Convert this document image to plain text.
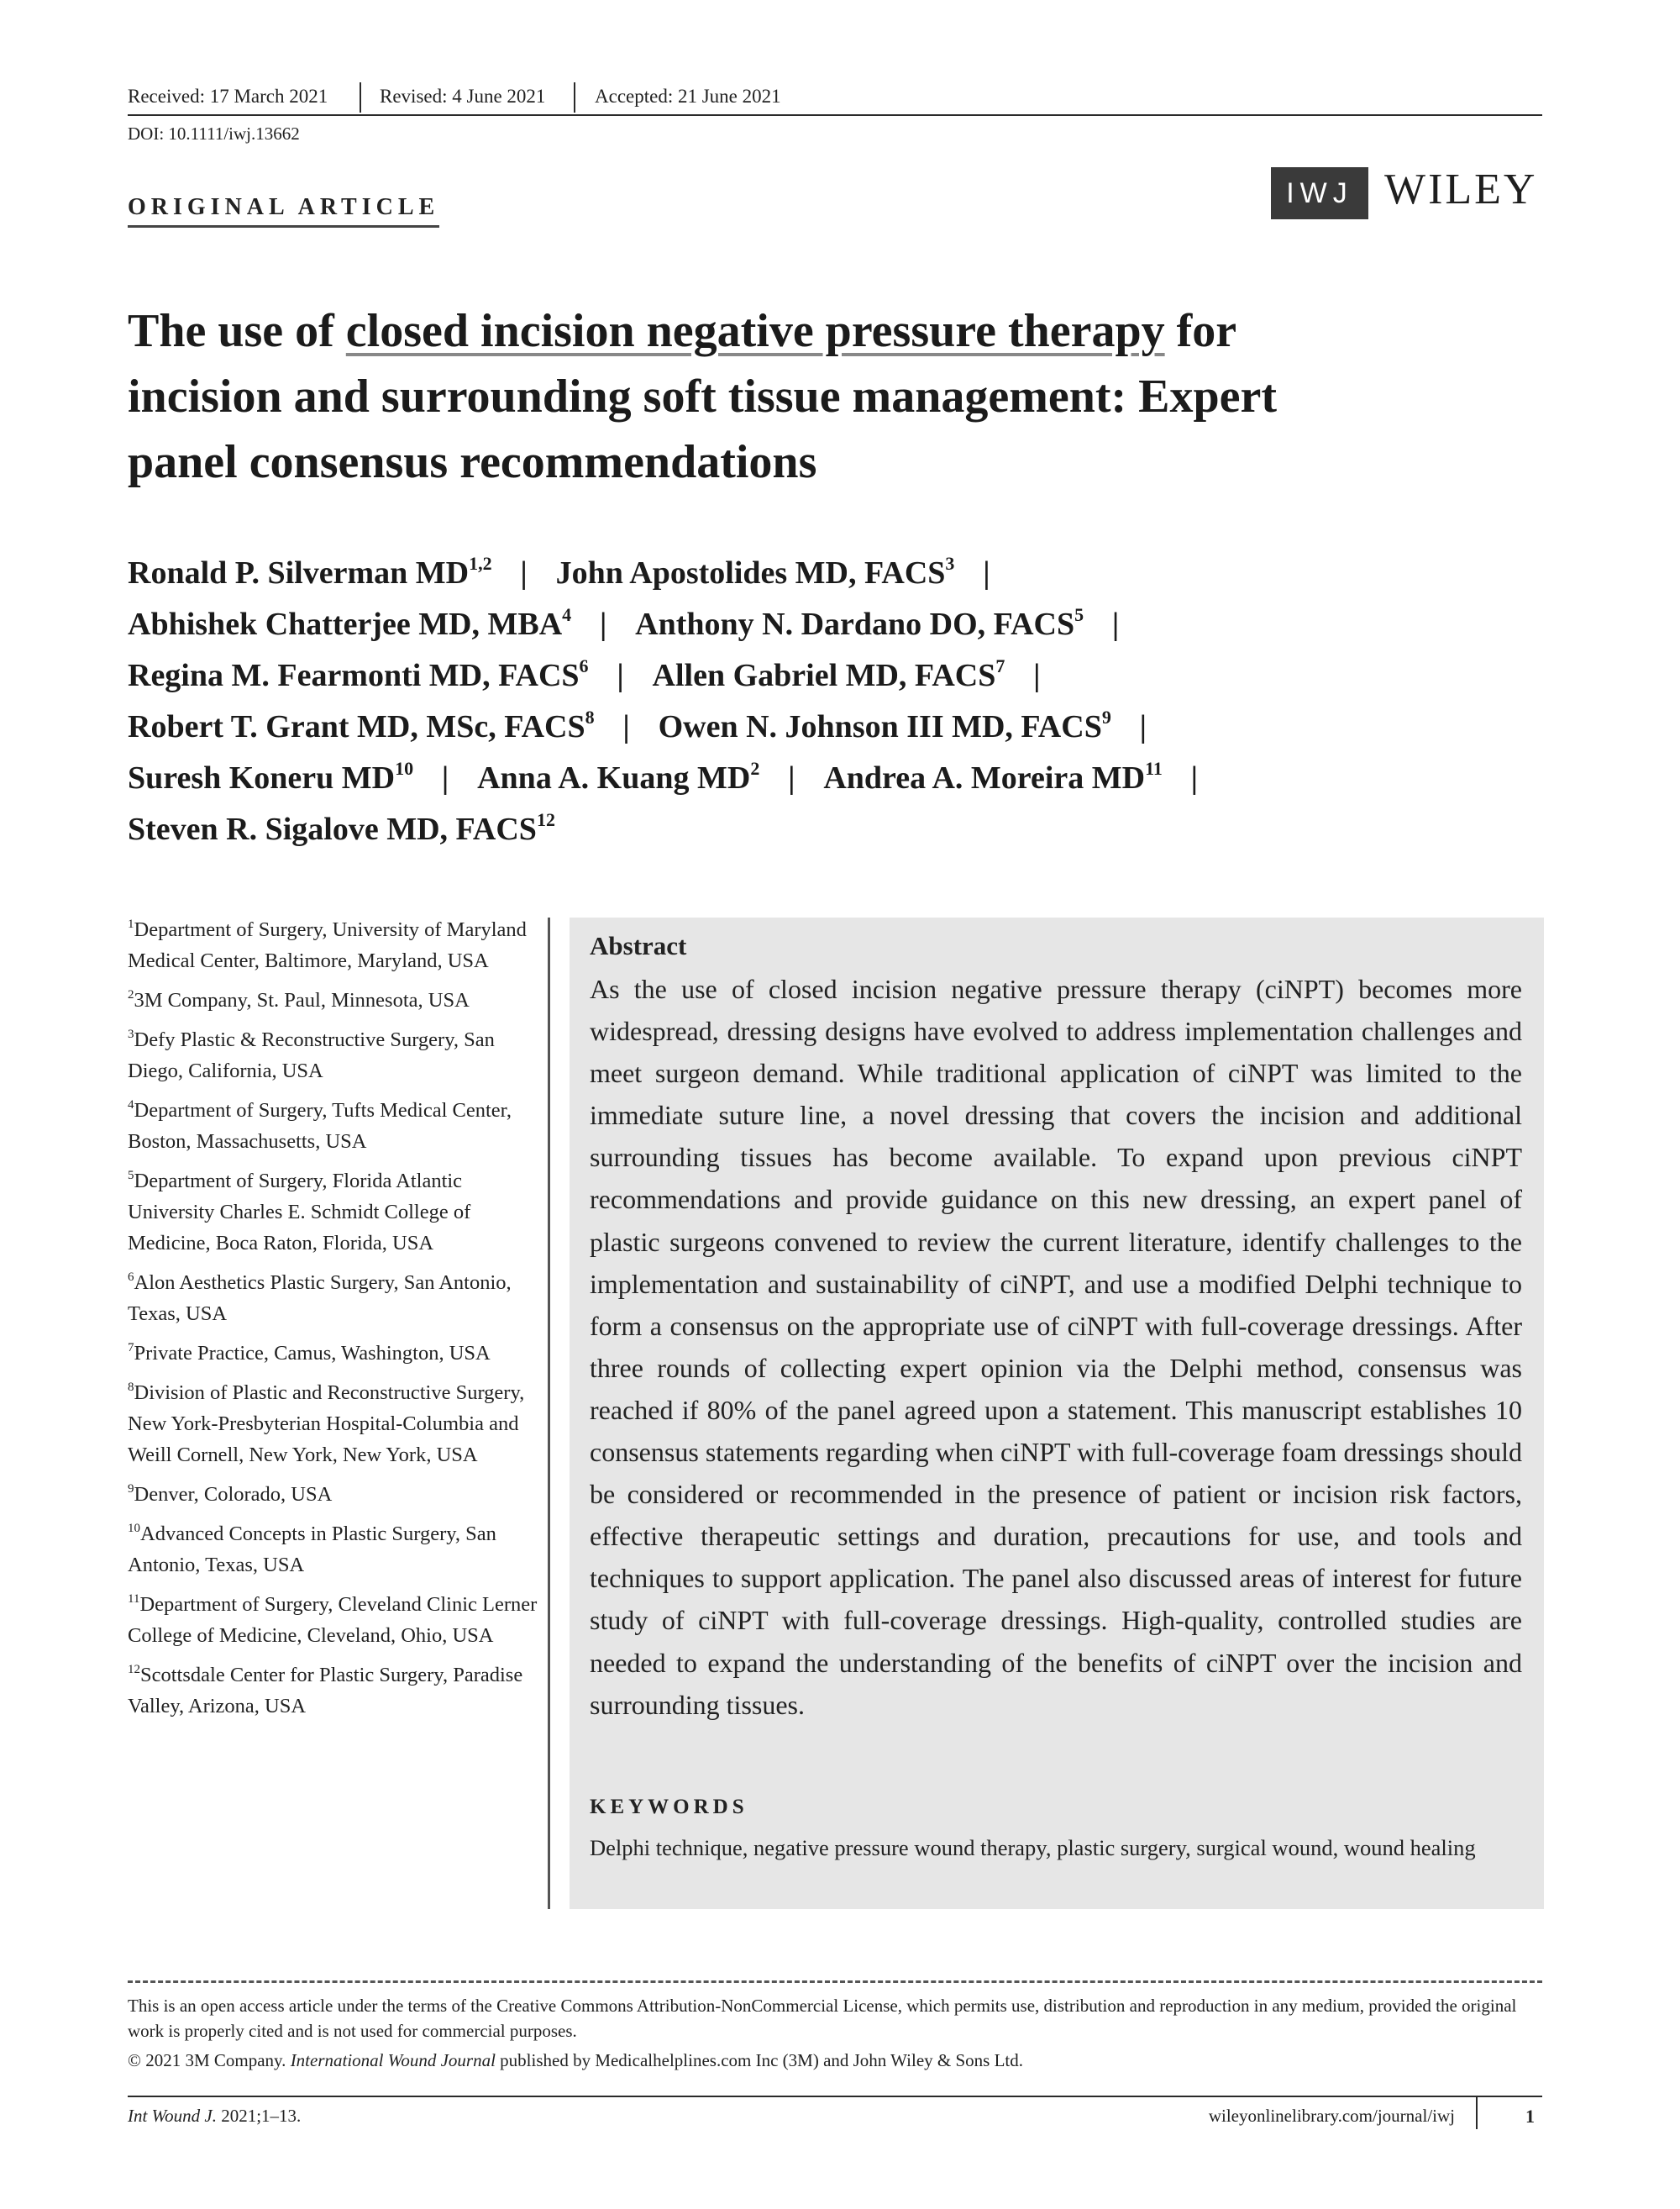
Received: 17 March 2021	Revised: 4 June 2021	Accepted: 21 June 2021
DOI: 10.1111/iwj.13662
ORIGINAL ARTICLE	IWJ WILEY
The use of closed incision negative pressure therapy for
incision and surrounding soft tissue management: Expert
panel consensus recommendations
Ronald P. Silverman MD$^{1,2}$ | John Apostolides MD, FACS$^3$ |
Abhishek Chatterjee MD, MBA$^4$ | Anthony N. Dardano DO, FACS$^5$ |
Regina M. Fearmonti MD, FACS$^6$ | Allen Gabriel MD, FACS$^7$ |
Robert T. Grant MD, MSc, FACS$^8$ | Owen N. Johnson III MD, FACS$^9$ |
Suresh Koneru MD$^{10}$ | Anna A. Kuang $MD^2$ | Andrea A. Moreira MD$^{11}$ |
Steven R. Sigalove MD, FACS$^{12}$
$^1$Department of Surgery, University of Maryland Medical Center, Baltimore, Maryland, USA
$^2$3M Company, St. Paul, Minnesota, USA
$^3$Defy Plastic & Reconstructive Surgery, San Diego, California, USA
$^4$Department of Surgery, Tufts Medical Center, Boston, Massachusetts, USA
$^5$Department of Surgery, Florida Atlantic University Charles E. Schmidt College of Medicine, Boca Raton, Florida, USA
$^6$Alon Aesthetics Plastic Surgery, San Antonio, Texas, USA
$^7$Private Practice, Camus, Washington, USA
$^8$Division of Plastic and Reconstructive Surgery, New York-Presbyterian Hospital-Columbia and Weill Cornell, New York, New York, USA
$^9$Denver, Colorado, USA
$^{10}$Advanced Concepts in Plastic Surgery, San Antonio, Texas, USA
$^{11}$Department of Surgery, Cleveland Clinic Lerner College of Medicine, Cleveland, Ohio, USA
$^{12}$Scottsdale Center for Plastic Surgery, Paradise Valley, Arizona, USA
Abstract
As the use of closed incision negative pressure therapy (ciNPT) becomes more widespread, dressing designs have evolved to address implementation challenges and meet surgeon demand. While traditional application of ciNPT was limited to the immediate suture line, a novel dressing that covers the incision and additional surrounding tissues has become available. To expand upon previous ciNPT recommendations and provide guidance on this new dressing, an expert panel of plastic surgeons convened to review the current literature, identify challenges to the implementation and sustainability of ciNPT, and use a modified Delphi technique to form a consensus on the appropriate use of ciNPT with full-coverage dressings. After three rounds of collecting expert opinion via the Delphi method, consensus was reached if 80% of the panel agreed upon a statement. This manuscript establishes 10 consensus statements regarding when ciNPT with full-coverage foam dressings should be considered or recommended in the presence of patient or incision risk factors, effective therapeutic settings and duration, precautions for use, and tools and techniques to support application. The panel also discussed areas of interest for future study of ciNPT with full-coverage dressings. High-quality, controlled studies are needed to expand the understanding of the benefits of ciNPT over the incision and surrounding tissues.
KEYWORDS
Delphi technique, negative pressure wound therapy, plastic surgery, surgical wound, wound healing
This is an open access article under the terms of the Creative Commons Attribution-NonCommercial License, which permits use, distribution and reproduction in any medium, provided the original work is properly cited and is not used for commercial purposes.
© 2021 3M Company. International Wound Journal published by Medicalhelplines.com Inc (3M) and John Wiley & Sons Ltd.
Int Wound J. 2021;1–13.	wileyonlinelibrary.com/journal/iwj	1
